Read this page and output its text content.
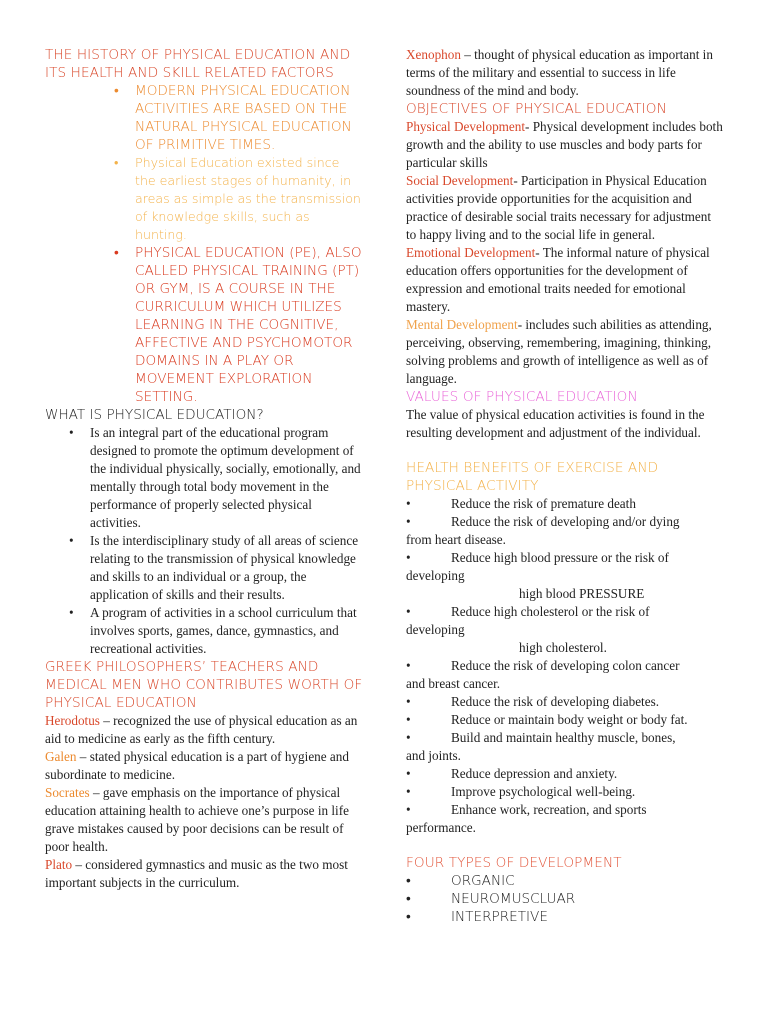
THE HISTORY OF PHYSICAL EDUCATION AND ITS HEALTH AND SKILL RELATED FACTORS

• MODERN PHYSICAL EDUCATION ACTIVITIES ARE BASED ON THE NATURAL PHYSICAL EDUCATION OF PRIMITIVE TIMES.
• Physical Education existed since the earliest stages of humanity, in areas as simple as the transmission of knowledge skills, such as hunting.
• PHYSICAL EDUCATION (PE), ALSO CALLED PHYSICAL TRAINING (PT) OR GYM, IS A COURSE IN THE CURRICULUM WHICH UTILIZES LEARNING IN THE COGNITIVE, AFFECTIVE AND PSYCHOMOTOR DOMAINS IN A PLAY OR MOVEMENT EXPLORATION SETTING.

WHAT IS PHYSICAL EDUCATION?

• Is an integral part of the educational program designed to promote the optimum development of the individual physically, socially, emotionally, and mentally through total body movement in the performance of properly selected physical activities.
• Is the interdisciplinary study of all areas of science relating to the transmission of physical knowledge and skills to an individual or a group, the application of skills and their results.
• A program of activities in a school curriculum that involves sports, games, dance, gymnastics, and recreational activities.

GREEK PHILOSOPHERS’ TEACHERS AND MEDICAL MEN WHO CONTRIBUTES WORTH OF PHYSICAL EDUCATION

Herodotus – recognized the use of physical education as an aid to medicine as early as the fifth century.

Galen – stated physical education is a part of hygiene and subordinate to medicine.

Socrates – gave emphasis on the importance of physical education attaining health to achieve one’s purpose in life grave mistakes caused by poor decisions can be result of poor health.

Plato – considered gymnastics and music as the two most important subjects in the curriculum.

Xenophon – thought of physical education as important in terms of the military and essential to success in life soundness of the mind and body.

OBJECTIVES OF PHYSICAL EDUCATION

Physical Development- Physical development includes both growth and the ability to use muscles and body parts for particular skills

Social Development- Participation in Physical Education activities provide opportunities for the acquisition and practice of desirable social traits necessary for adjustment to happy living and to the social life in general.

Emotional Development- The informal nature of physical education offers opportunities for the development of expression and emotional traits needed for emotional mastery.

Mental Development- includes such abilities as attending, perceiving, observing, remembering, imagining, thinking, solving problems and growth of intelligence as well as of language.

VALUES OF PHYSICAL EDUCATION

The value of physical education activities is found in the resulting development and adjustment of the individual.

HEALTH BENEFITS OF EXERCISE AND PHYSICAL ACTIVITY

•	Reduce the risk of premature death
•	Reduce the risk of developing and/or dying
from heart disease.
•	Reduce high blood pressure or the risk of
developing
high blood PRESSURE
•	Reduce high cholesterol or the risk of
developing
high cholesterol.
•	Reduce the risk of developing colon cancer
and breast cancer.
•	Reduce the risk of developing diabetes.
•	Reduce or maintain body weight or body fat.
•	Build and maintain healthy muscle, bones,
and joints.
•	Reduce depression and anxiety.
•	Improve psychological well-being.
•	Enhance work, recreation, and sports
performance.

FOUR TYPES OF DEVELOPMENT

•	ORGANIC
•	NEUROMUSCLUAR
•	INTERPRETIVE
